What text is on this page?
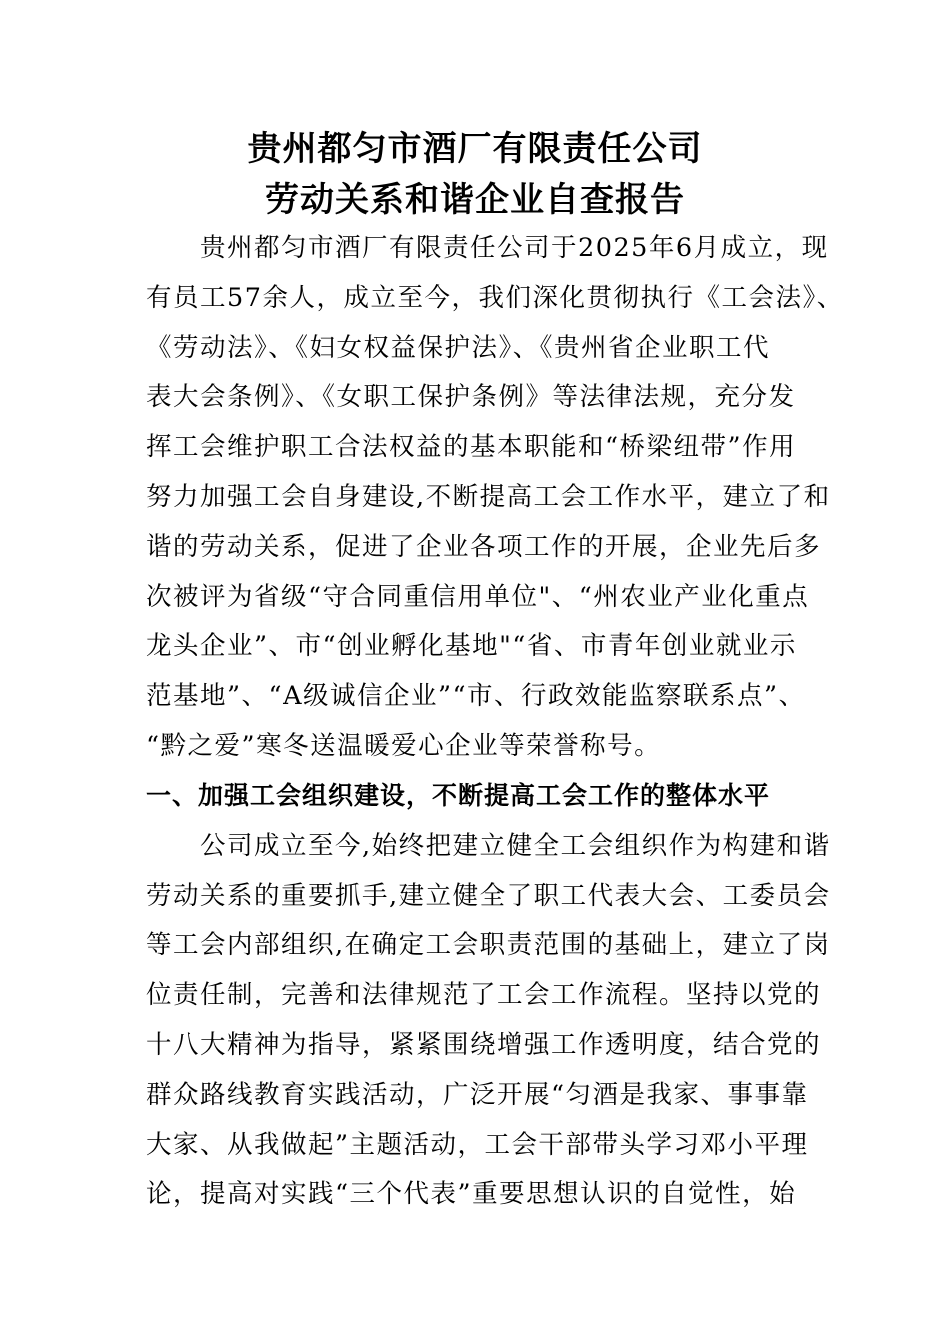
贵州都匀市酒厂有限责任公司
劳动关系和谐企业自查报告
　　贵州都匀市酒厂有限责任公司于2025年6月成立，现
有员工57余人，成立至今，我们深化贯彻执行《工会法》、
《劳动法》、《妇女权益保护法》、《贵州省企业职工代
表大会条例》、《女职工保护条例》等法律法规，充分发
挥工会维护职工合法权益的基本职能和“桥梁纽带”作用
努力加强工会自身建设,不断提高工会工作水平，建立了和
谐的劳动关系，促进了企业各项工作的开展，企业先后多
次被评为省级“守合同重信用单位"、“州农业产业化重点
龙头企业”、市“创业孵化基地"“省、市青年创业就业示
范基地”、“A级诚信企业”“市、行政效能监察联系点”、
“黔之爱”寒冬送温暖爱心企业等荣誉称号。
一、加强工会组织建设，不断提高工会工作的整体水平
　　公司成立至今,始终把建立健全工会组织作为构建和谐
劳动关系的重要抓手,建立健全了职工代表大会、工委员会
等工会内部组织,在确定工会职责范围的基础上，建立了岗
位责任制，完善和法律规范了工会工作流程。坚持以党的
十八大精神为指导，紧紧围绕增强工作透明度，结合党的
群众路线教育实践活动，广泛开展“匀酒是我家、事事靠
大家、从我做起”主题活动，工会干部带头学习邓小平理
论，提高对实践“三个代表”重要思想认识的自觉性，始
